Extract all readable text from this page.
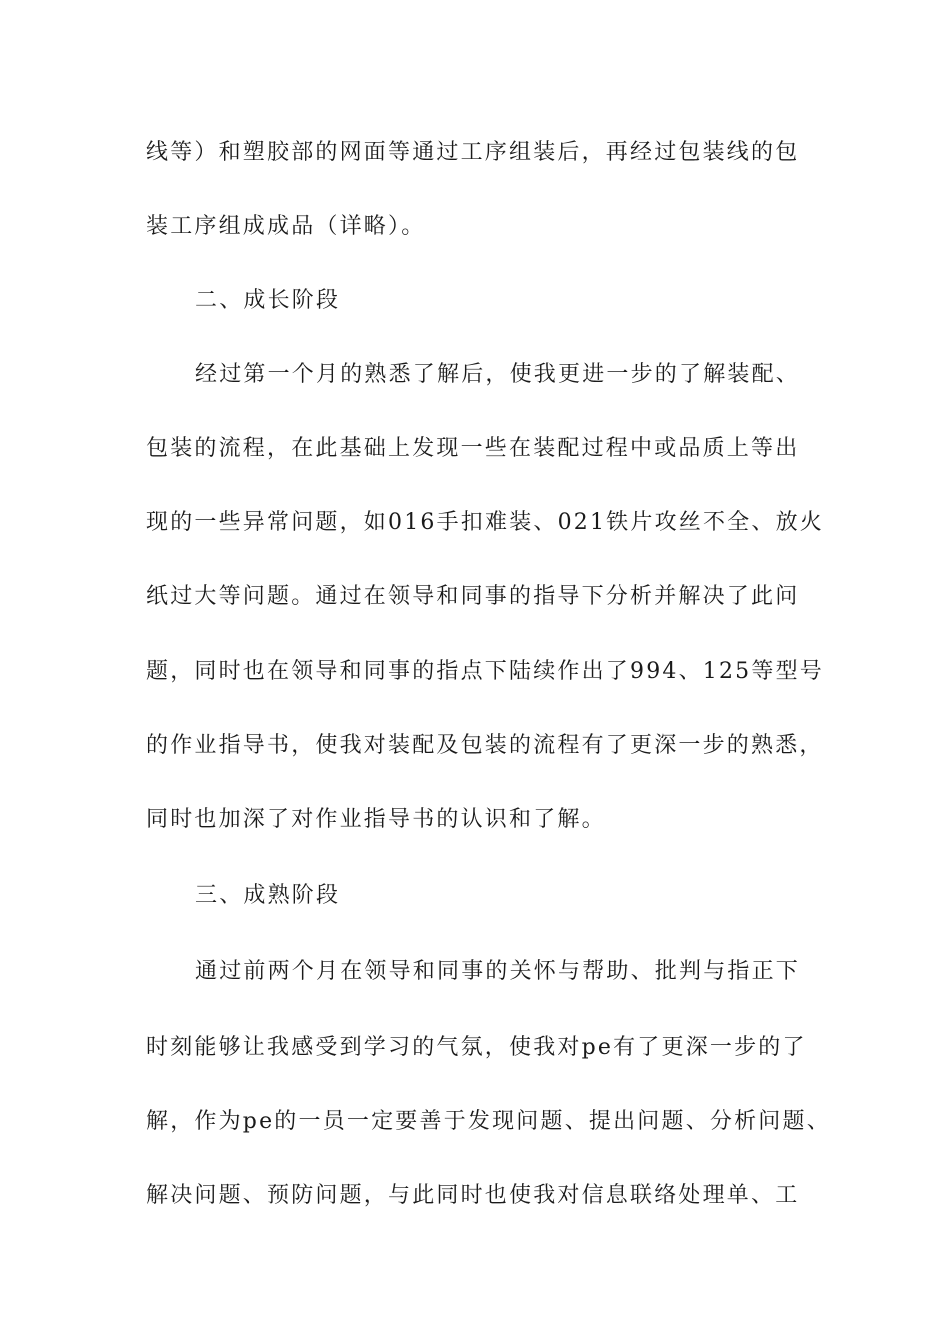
线等）和塑胶部的网面等通过工序组装后，再经过包装线的包
装工序组成成品（详略）。
二、成长阶段
经过第一个月的熟悉了解后，使我更进一步的了解装配、
包装的流程，在此基础上发现一些在装配过程中或品质上等出
现的一些异常问题，如016手扣难装、021铁片攻丝不全、放火
纸过大等问题。通过在领导和同事的指导下分析并解决了此问
题，同时也在领导和同事的指点下陆续作出了994、125等型号
的作业指导书，使我对装配及包装的流程有了更深一步的熟悉，
同时也加深了对作业指导书的认识和了解。
三、成熟阶段
通过前两个月在领导和同事的关怀与帮助、批判与指正下
时刻能够让我感受到学习的气氛，使我对pe有了更深一步的了
解，作为pe的一员一定要善于发现问题、提出问题、分析问题、
解决问题、预防问题，与此同时也使我对信息联络处理单、工
